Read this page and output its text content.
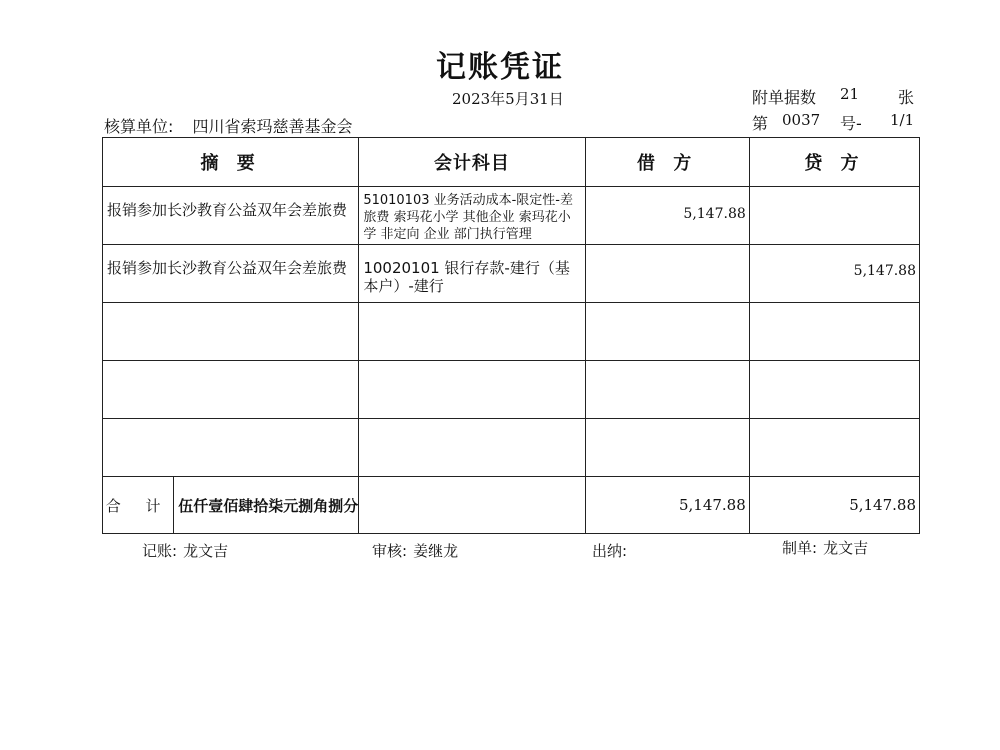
记账凭证
2023年5月31日	附单据数 21 张
核算单位: 四川省索玛慈善基金会	第 0037 号- 1/1
摘 要	会计科目	借 方	贷 方

报销参加长沙教育公益双年会差旅费	51010103 业务活动成本-限定性-差旅费 索玛花小学 其他企业 索玛花小学 非定向 企业 部门执行管理	5,147.88	

报销参加长沙教育公益双年会差旅费	10020101 银行存款-建行（基本户）-建行		5,147.88

合 计 伍仟壹佰肆拾柒元捌角捌分		5,147.88	5,147.88
记账: 龙文吉	审核: 姜继龙	出纳:	制单: 龙文吉
